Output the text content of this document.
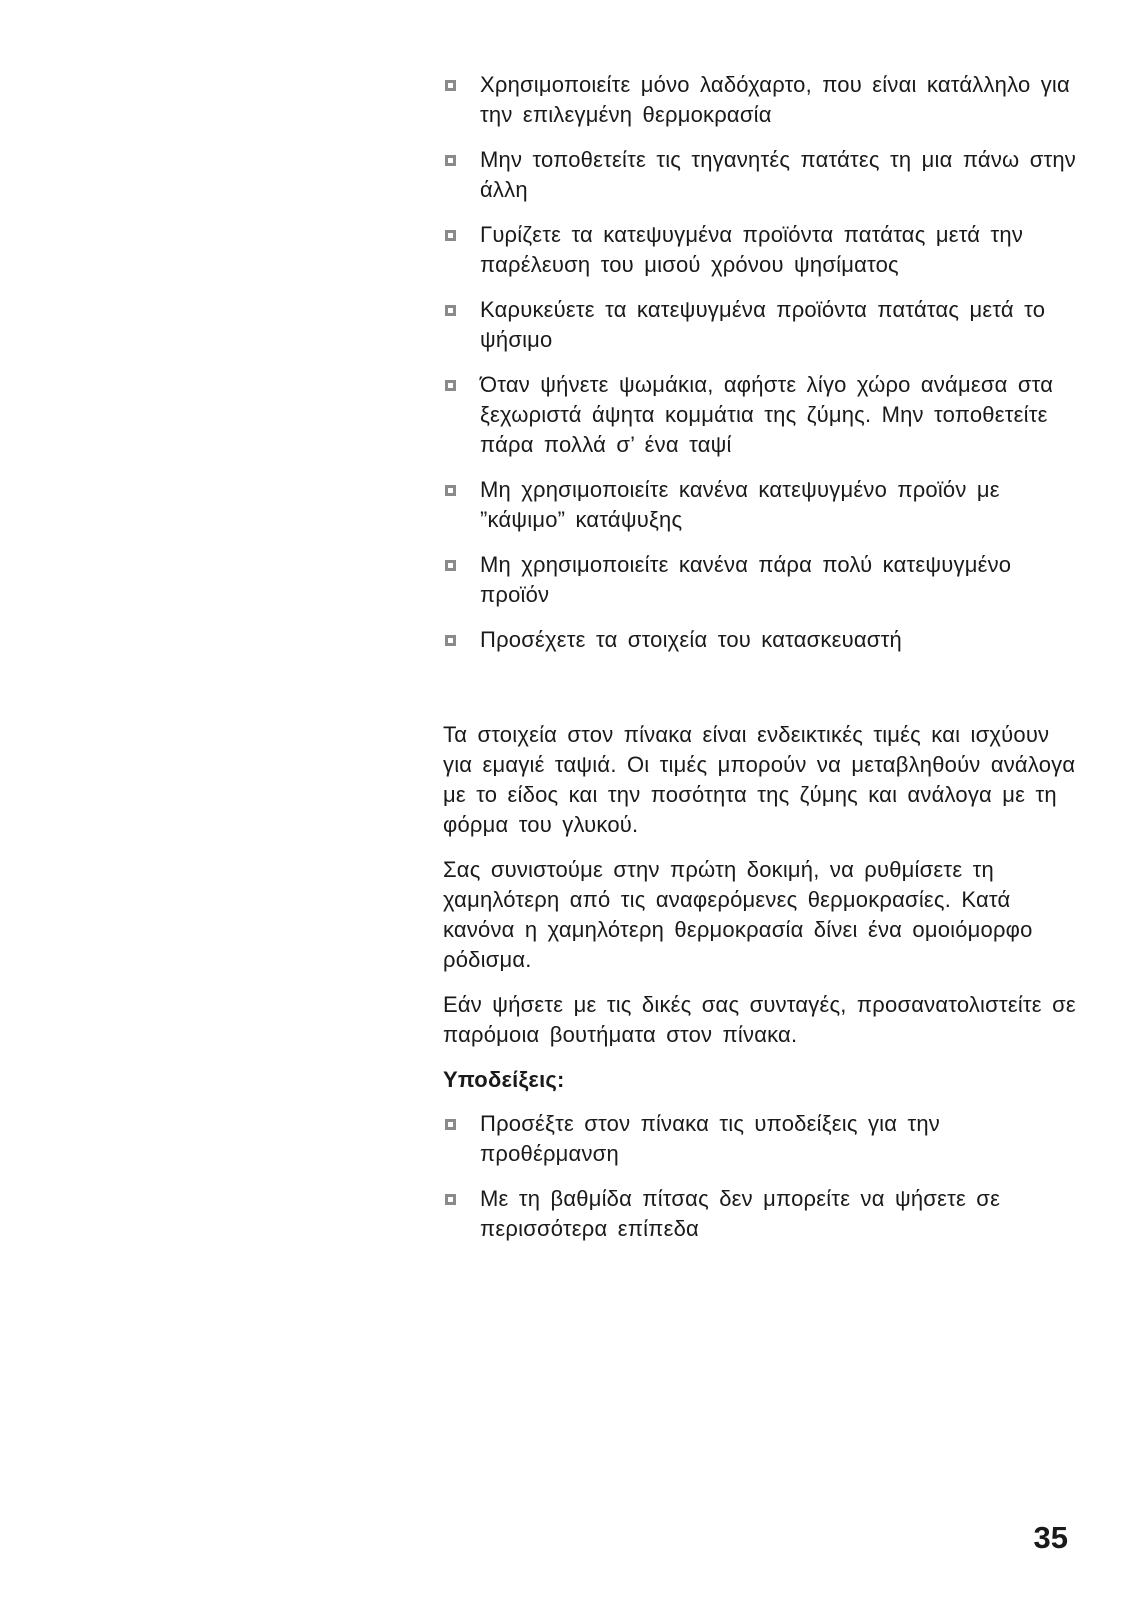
Χρησιμοποιείτε μόνο λαδόχαρτο, που είναι κατάλληλο για την επιλεγμένη θερμοκρασία
Μην τοποθετείτε τις τηγανητές πατάτες τη μια πάνω στην άλλη
Γυρίζετε τα κατεψυγμένα προϊόντα πατάτας μετά την παρέλευση του μισού χρόνου ψησίματος
Καρυκεύετε τα κατεψυγμένα προϊόντα πατάτας μετά το ψήσιμο
Όταν ψήνετε ψωμάκια, αφήστε λίγο χώρο ανάμεσα στα ξεχωριστά άψητα κομμάτια της ζύμης. Μην τοποθετείτε πάρα πολλά σ’ ένα ταψί
Μη χρησιμοποιείτε κανένα κατεψυγμένο προϊόν με ”κάψιμο” κατάψυξης
Μη χρησιμοποιείτε κανένα πάρα πολύ κατεψυγμένο προϊόν
Προσέχετε τα στοιχεία του κατασκευαστή

Τα στοιχεία στον πίνακα είναι ενδεικτικές τιμές και ισχύουν για εμαγιέ ταψιά. Οι τιμές μπορούν να μεταβληθούν ανάλογα με το είδος και την ποσότητα της ζύμης και ανάλογα με τη φόρμα του γλυκού.

Σας συνιστούμε στην πρώτη δοκιμή, να ρυθμίσετε τη χαμηλότερη από τις αναφερόμενες θερμοκρασίες. Κατά κανόνα η χαμηλότερη θερμοκρασία δίνει ένα ομοιόμορφο ρόδισμα.

Εάν ψήσετε με τις δικές σας συνταγές, προσανατολιστείτε σε παρόμοια βουτήματα στον πίνακα.

Υποδείξεις:
Προσέξτε στον πίνακα τις υποδείξεις για την προθέρμανση
Με τη βαθμίδα πίτσας δεν μπορείτε να ψήσετε σε περισσότερα επίπεδα
35
